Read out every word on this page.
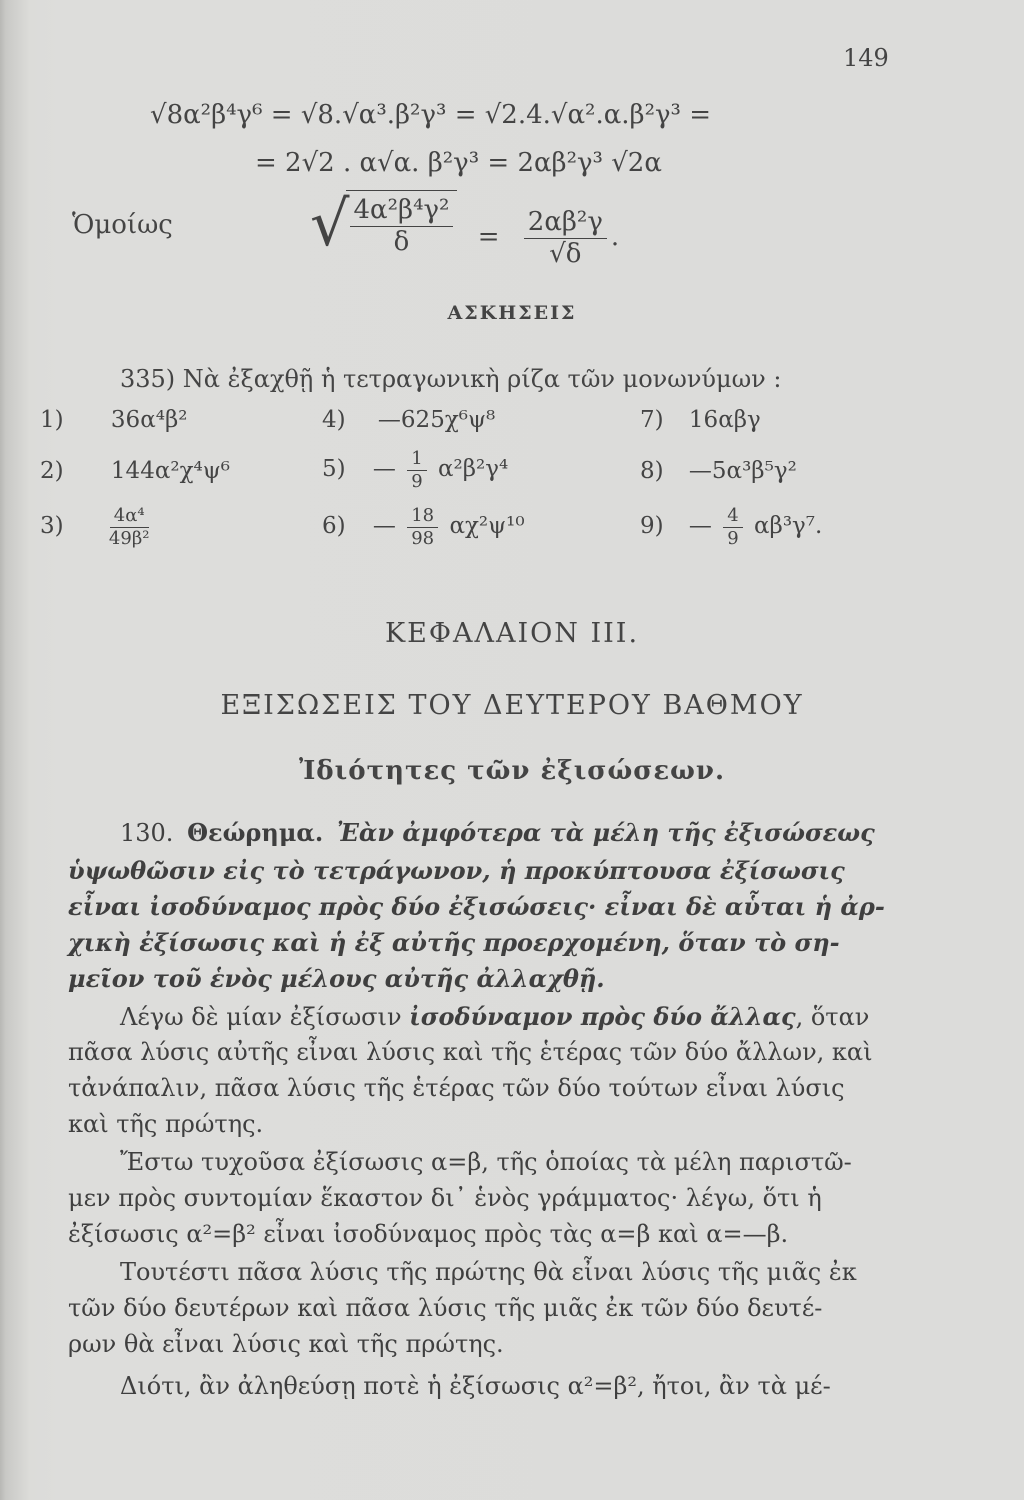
149
√8α²β⁴γ⁶ = √8.√α³.β²γ³ = √2.4.√α².α.β²γ³ =
= 2√2 . α√α. β²γ³ = 2αβ²γ³ √2α
Ὁμοίως √ $\frac{\text{4α²β⁴γ²}}{\delta} = \frac{\text{2αβ²γ}}{√\delta}$ .
ΑΣΚΗΣΕΙΣ
335) Νὰ ἐξαχθῇ ἡ τετραγωνικὴ ρίζα τῶν μονωνύμων :
1) 36α⁴β²
2) 144α²χ⁴ψ⁶
3)	$\frac{\text{4α⁴}}{\text{49β²}}$
4) —625χ⁶ψ⁸
5) — $\frac{1}{9} \alpha^2\beta^2\gamma^4$
6) — $\frac{18}{98} \alpha\chi^2\psi^{10}$
7) 16αβγ
8) —5α³β⁵γ²
9) — $\frac{4}{9} \alpha\beta^3\gamma^7$.
ΚΕΦΑΛΑΙΟΝ III.
ΕΞΙΣΩΣΕΙΣ ΤΟΥ ΔΕΥΤΕΡΟΥ ΒΑΘΜΟΥ
Ἰδιότητες τῶν ἐξισώσεων.
130. Θεώρημα. Ἐὰν ἀμφότερα τὰ μέλη τῆς ἐξισώσεως
ὑψωθῶσιν εἰς τὸ τετράγωνον, ἡ προκύπτουσα ἐξίσωσις
εἶναι ἰσοδύναμος πρὸς δύο ἐξισώσεις· εἶναι δὲ αὗται ἡ ἀρ-
χικὴ ἐξίσωσις καὶ ἡ ἐξ αὐτῆς προερχομένη, ὅταν τὸ ση-
μεῖον τοῦ ἑνὸς μέλους αὐτῆς ἀλλαχθῇ.
Λέγω δὲ μίαν ἐξίσωσιν ἰσοδύναμον πρὸς δύο ἄλλας, ὅταν
πᾶσα λύσις αὐτῆς εἶναι λύσις καὶ τῆς ἑτέρας τῶν δύο ἄλλων, καὶ
τἀνάπαλιν, πᾶσα λύσις τῆς ἑτέρας τῶν δύο τούτων εἶναι λύσις
καὶ τῆς πρώτης.
Ἔστω τυχοῦσα ἐξίσωσις α=β, τῆς ὁποίας τὰ μέλη παριστῶ-
μεν πρὸς συντομίαν ἕκαστον δι᾽ ἑνὸς γράμματος· λέγω, ὅτι ἡ
ἐξίσωσις α²=β² εἶναι ἰσοδύναμος πρὸς τὰς α=β καὶ α=—β.
Τουτέστι πᾶσα λύσις τῆς πρώτης θὰ εἶναι λύσις τῆς μιᾶς ἐκ
τῶν δύο δευτέρων καὶ πᾶσα λύσις τῆς μιᾶς ἐκ τῶν δύο δευτέ-
ρων θὰ εἶναι λύσις καὶ τῆς πρώτης.
Διότι, ἂν ἀληθεύσῃ ποτὲ ἡ ἐξίσωσις α²=β², ἤτοι, ἂν τὰ μέ-
